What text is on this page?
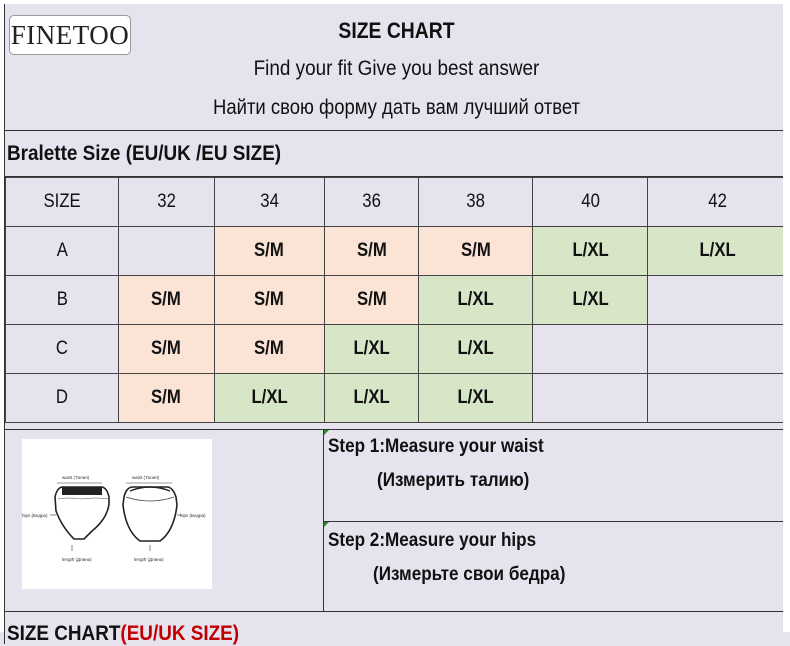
FINETOO	SIZE CHART
Find your fit Give you best answer
Найти свою форму дать вам лучший ответ
Bralette Size (EU/UK /EU SIZE)
SIZE	32	34	36	38	40	42
A		S/M	S/M	S/M	L/XL	L/XL
B	S/M	S/M	S/M	L/XL	L/XL	
C	S/M	S/M	L/XL	L/XL		
D	S/M	L/XL	L/XL	L/XL		
waist (Талия)
hips (Бедра)
length (Длина)
waist (Талия)
hips (Бедра)
length (Длина)
Step 1:Measure your waist
(Измерить талию)
Step 2:Measure your hips
(Измерьте свои бедра)
SIZE CHART(EU/UK SIZE)
